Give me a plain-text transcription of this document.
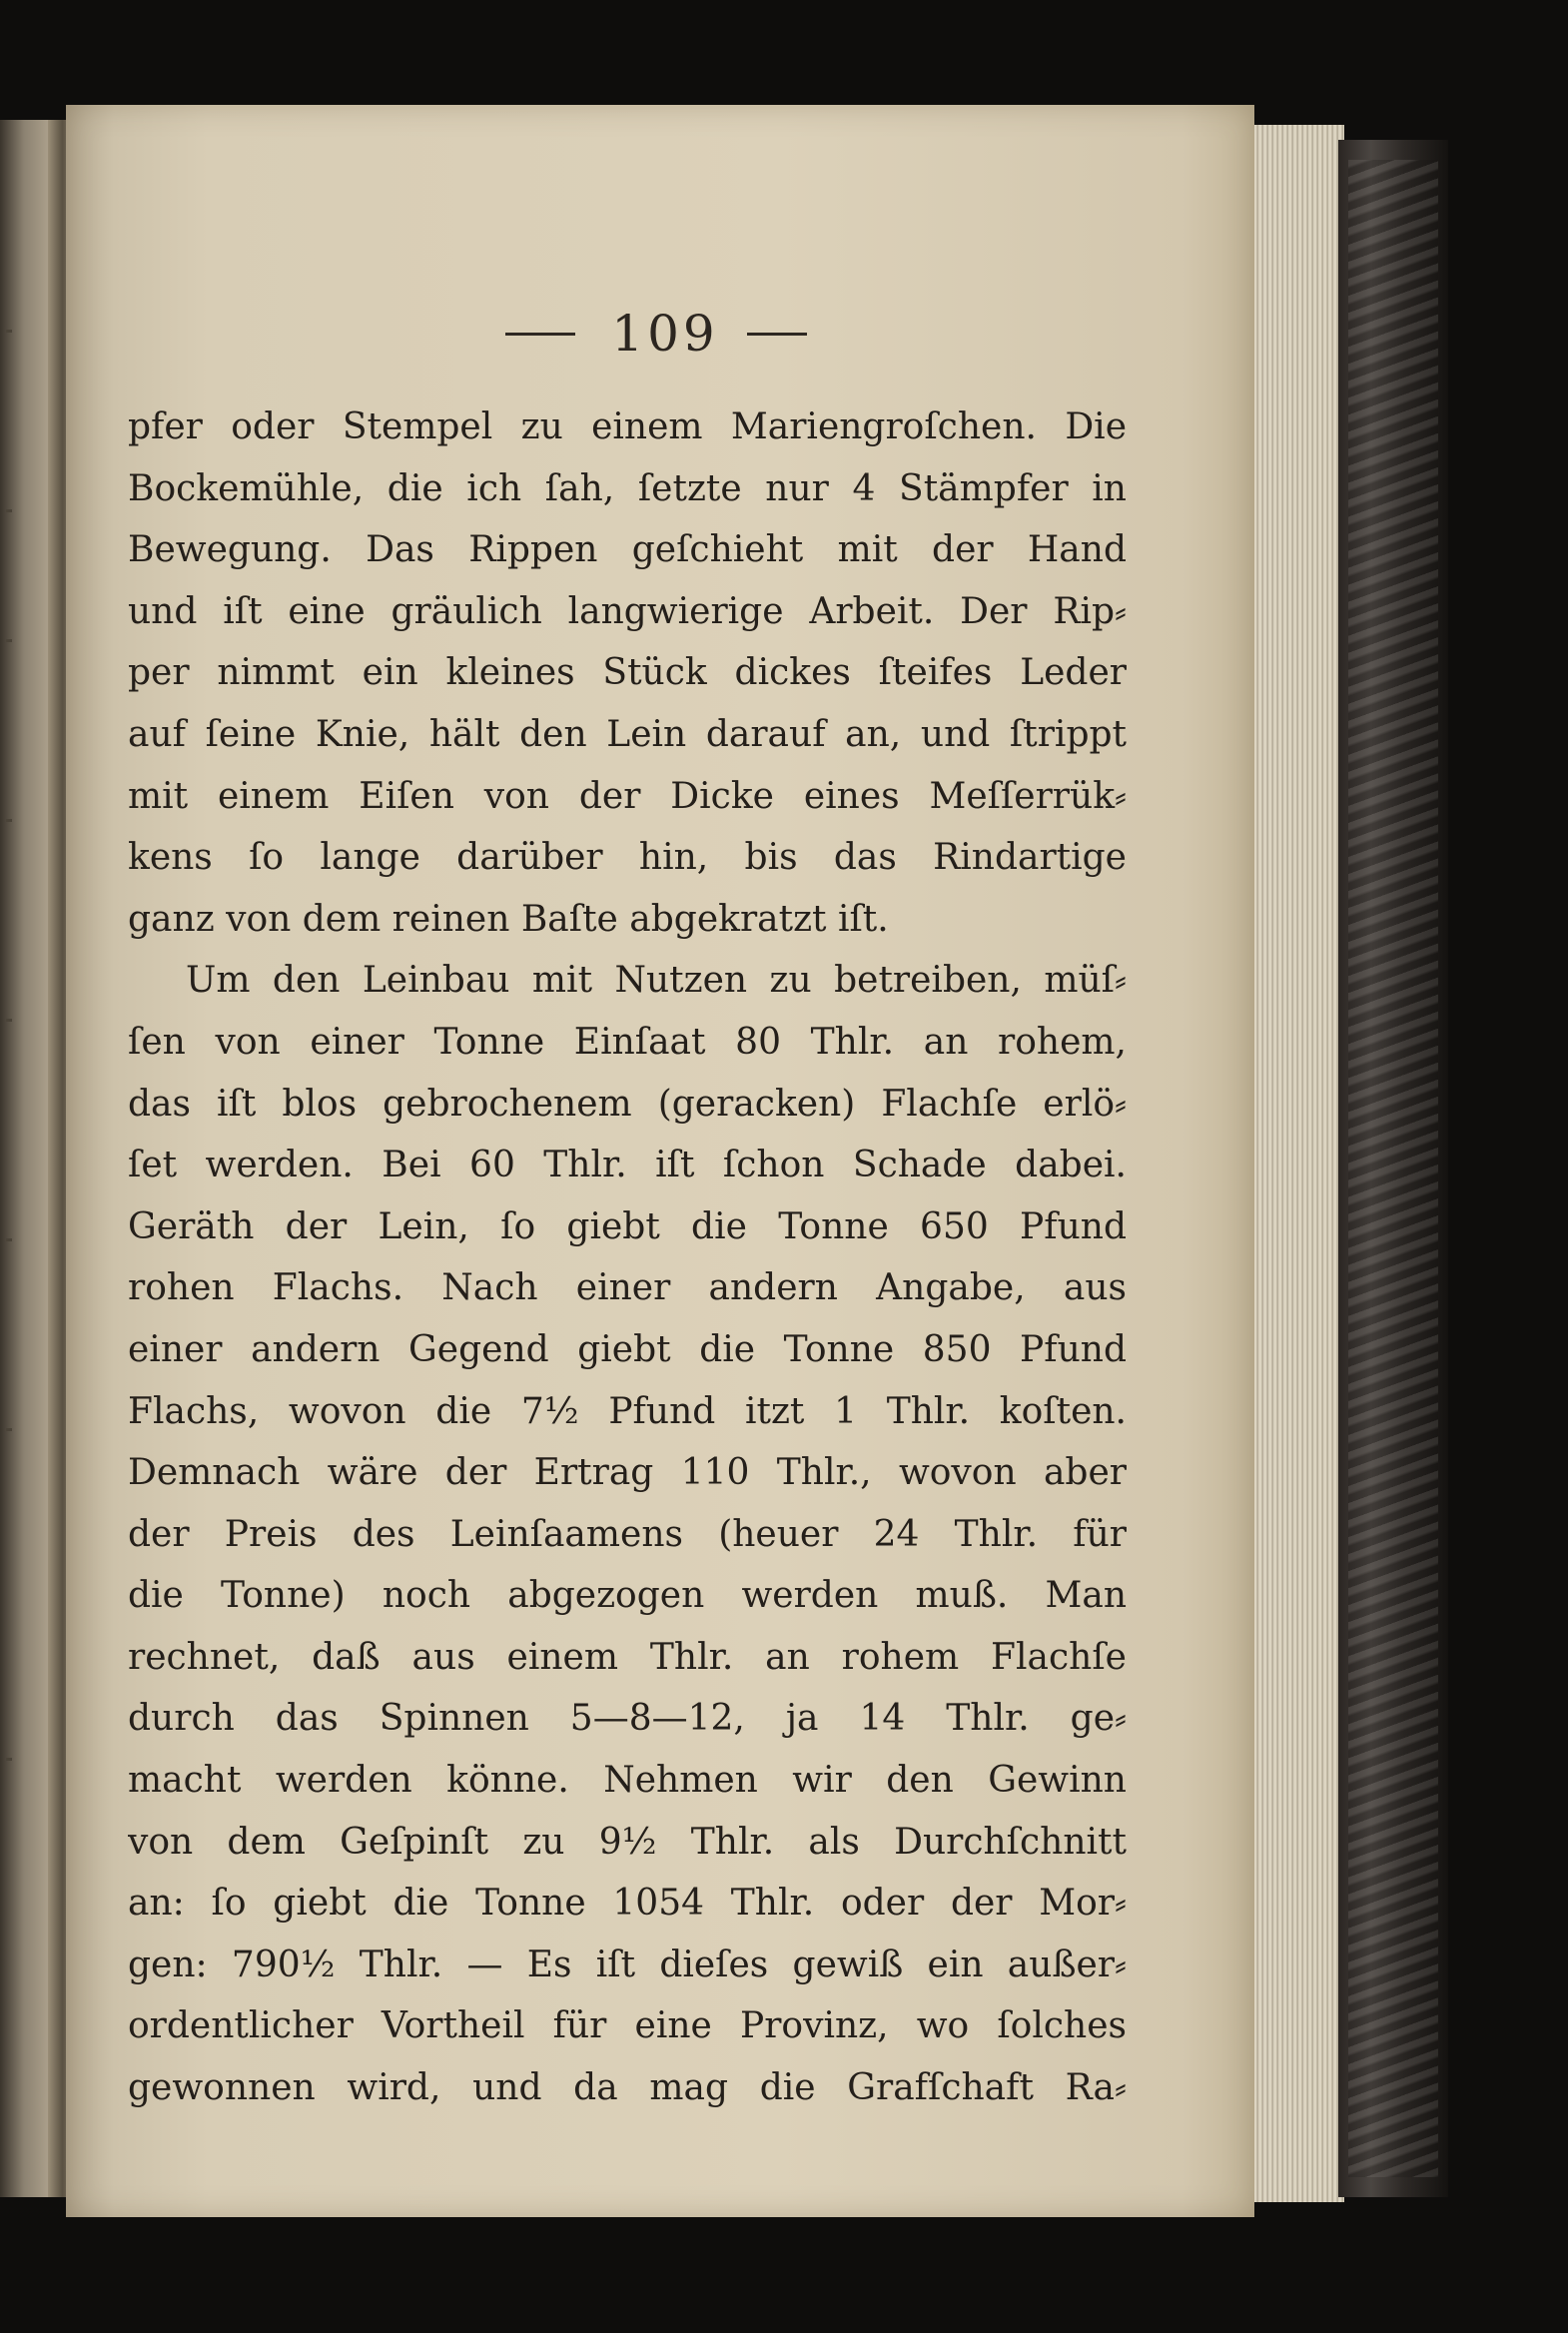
109
pfer oder Stempel zu einem Mariengroſchen. Die
Bockemühle, die ich ſah, ſetzte nur 4 Stämpfer in
Bewegung. Das Rippen geſchieht mit der Hand
und iſt eine gräulich langwierige Arbeit. Der Rip⸗
per nimmt ein kleines Stück dickes ſteifes Leder
auf ſeine Knie, hält den Lein darauf an, und ſtrippt
mit einem Eiſen von der Dicke eines Meſſerrük⸗
kens ſo lange darüber hin, bis das Rindartige
ganz von dem reinen Baſte abgekratzt iſt.
Um den Leinbau mit Nutzen zu betreiben, müſ⸗
ſen von einer Tonne Einſaat 80 Thlr. an rohem,
das iſt blos gebrochenem (geracken) Flachſe erlö⸗
ſet werden. Bei 60 Thlr. iſt ſchon Schade dabei.
Geräth der Lein, ſo giebt die Tonne 650 Pfund
rohen Flachs. Nach einer andern Angabe, aus
einer andern Gegend giebt die Tonne 850 Pfund
Flachs, wovon die 7½ Pfund itzt 1 Thlr. koſten.
Demnach wäre der Ertrag 110 Thlr., wovon aber
der Preis des Leinſaamens (heuer 24 Thlr. für
die Tonne) noch abgezogen werden muß. Man
rechnet, daß aus einem Thlr. an rohem Flachſe
durch das Spinnen 5—8—12, ja 14 Thlr. ge⸗
macht werden könne. Nehmen wir den Gewinn
von dem Geſpinſt zu 9½ Thlr. als Durchſchnitt
an: ſo giebt die Tonne 1054 Thlr. oder der Mor⸗
gen: 790½ Thlr. — Es iſt dieſes gewiß ein außer⸗
ordentlicher Vortheil für eine Provinz, wo ſolches
gewonnen wird, und da mag die Grafſchaft Ra⸗
